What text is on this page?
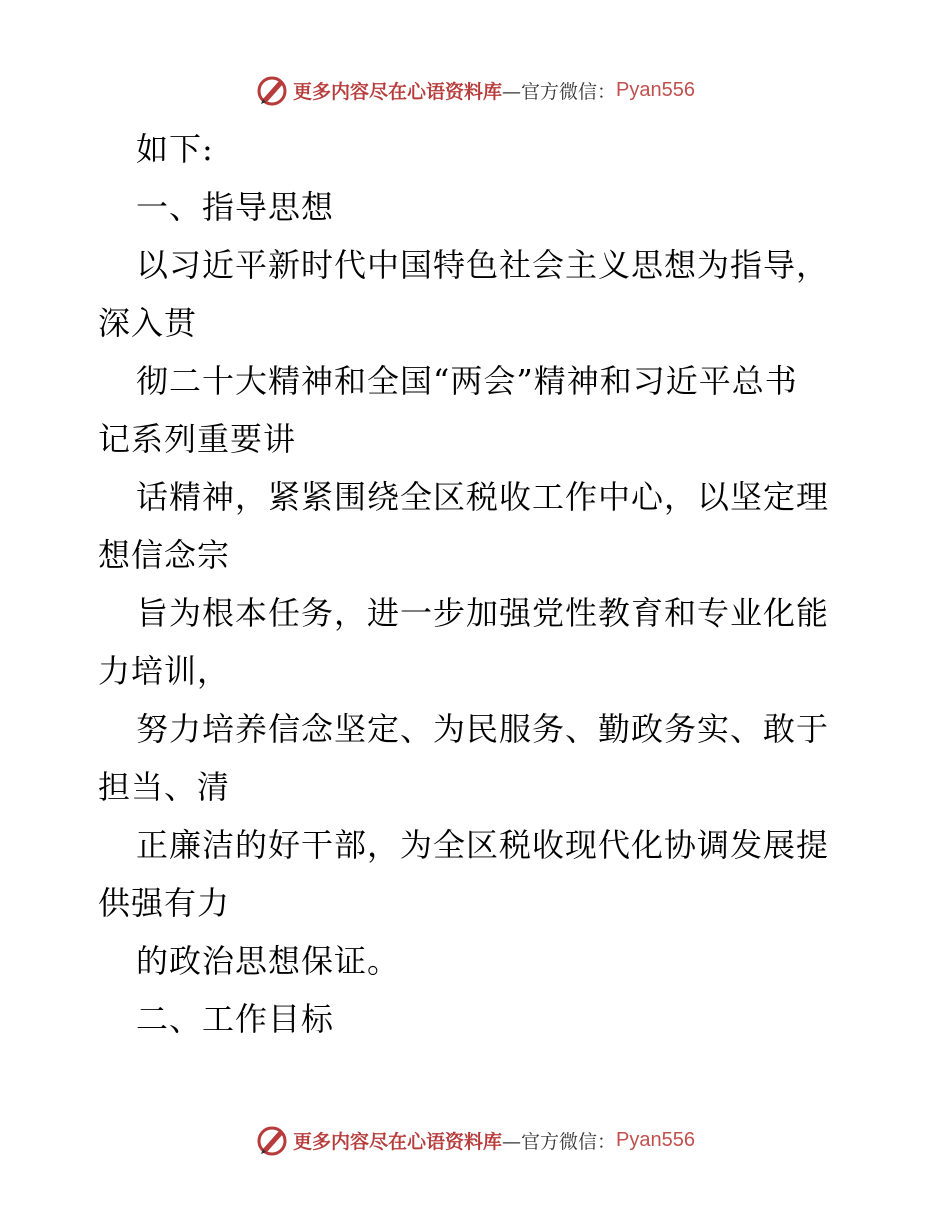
更多内容尽在心语资料库 —官方微信： Pyan556
如下:
一、指导思想
以习近平新时代中国特色社会主义思想为指导，
深入贯
彻二十大精神和全国“两会”精神和习近平总书
记系列重要讲
话精神，紧紧围绕全区税收工作中心，以坚定理
想信念宗
旨为根本任务，进一步加强党性教育和专业化能
力培训，
努力培养信念坚定、为民服务、勤政务实、敢于
担当、清
正廉洁的好干部，为全区税收现代化协调发展提
供强有力
的政治思想保证。
二、工作目标
更多内容尽在心语资料库 —官方微信： Pyan556
